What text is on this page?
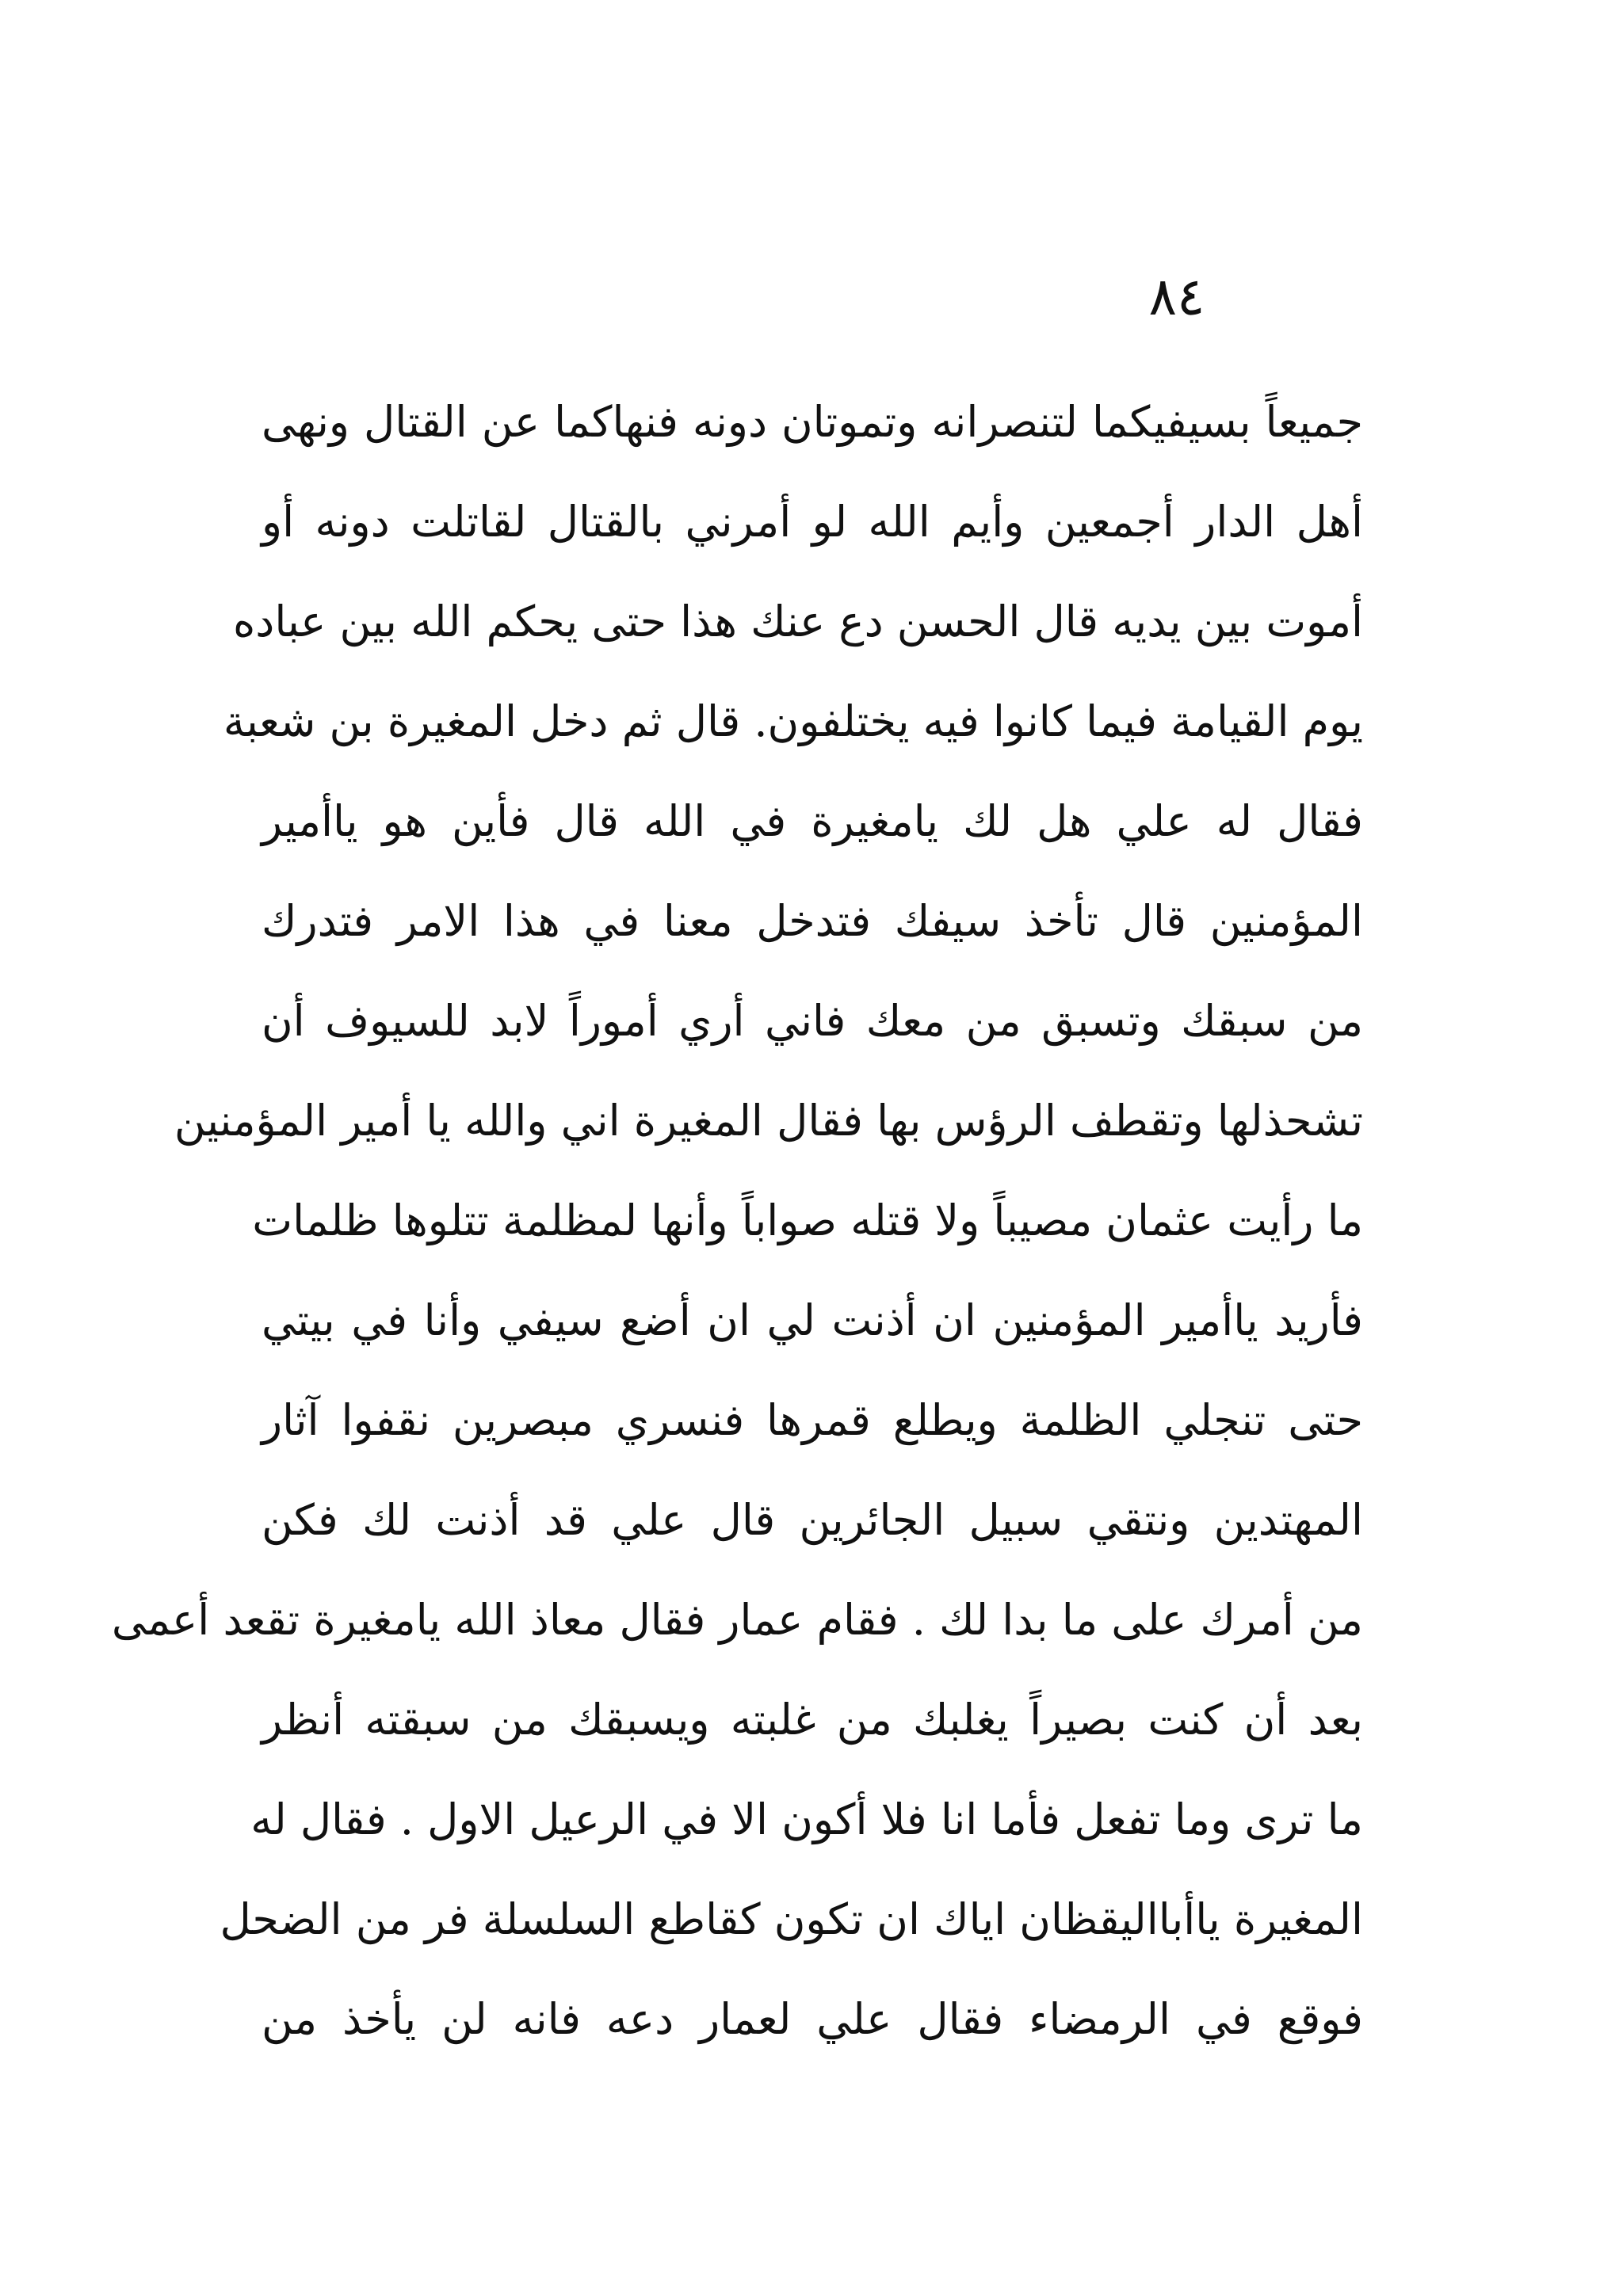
٨٤
جميعاً بسيفيكما لتنصرانه وتموتان دونه فنهاكما عن القتال ونهى
أهل الدار أجمعين وأيم الله لو أمرني بالقتال لقاتلت دونه أو
أموت بين يديه قال الحسن دع عنك هذا حتى يحكم الله بين عباده
يوم القيامة فيما كانوا فيه يختلفون. قال ثم دخل المغيرة بن شعبة
فقال له علي هل لك يامغيرة في الله قال فأين هو ياأمير
المؤمنين قال تأخذ سيفك فتدخل معنا في هذا الامر فتدرك
من سبقك وتسبق من معك فاني أري أموراً لابد للسيوف أن
تشحذلها وتقطف الرؤس بها فقال المغيرة اني والله يا أمير المؤمنين
ما رأيت عثمان مصيباً ولا قتله صواباً وأنها لمظلمة تتلوها ظلمات
فأريد ياأمير المؤمنين ان أذنت لي ان أضع سيفي وأنا في بيتي
حتى تنجلي الظلمة ويطلع قمرها فنسري مبصرين نقفوا آثار
المهتدين ونتقي سبيل الجائرين قال علي قد أذنت لك فكن
من أمرك على ما بدا لك . فقام عمار فقال معاذ الله يامغيرة تقعد أعمى
بعد أن كنت بصيراً يغلبك من غلبته ويسبقك من سبقته أنظر
ما ترى وما تفعل فأما انا فلا أكون الا في الرعيل الاول . فقال له
المغيرة ياأبااليقظان اياك ان تكون كقاطع السلسلة فر من الضحل
فوقع في الرمضاء فقال علي لعمار دعه فانه لن يأخذ من
